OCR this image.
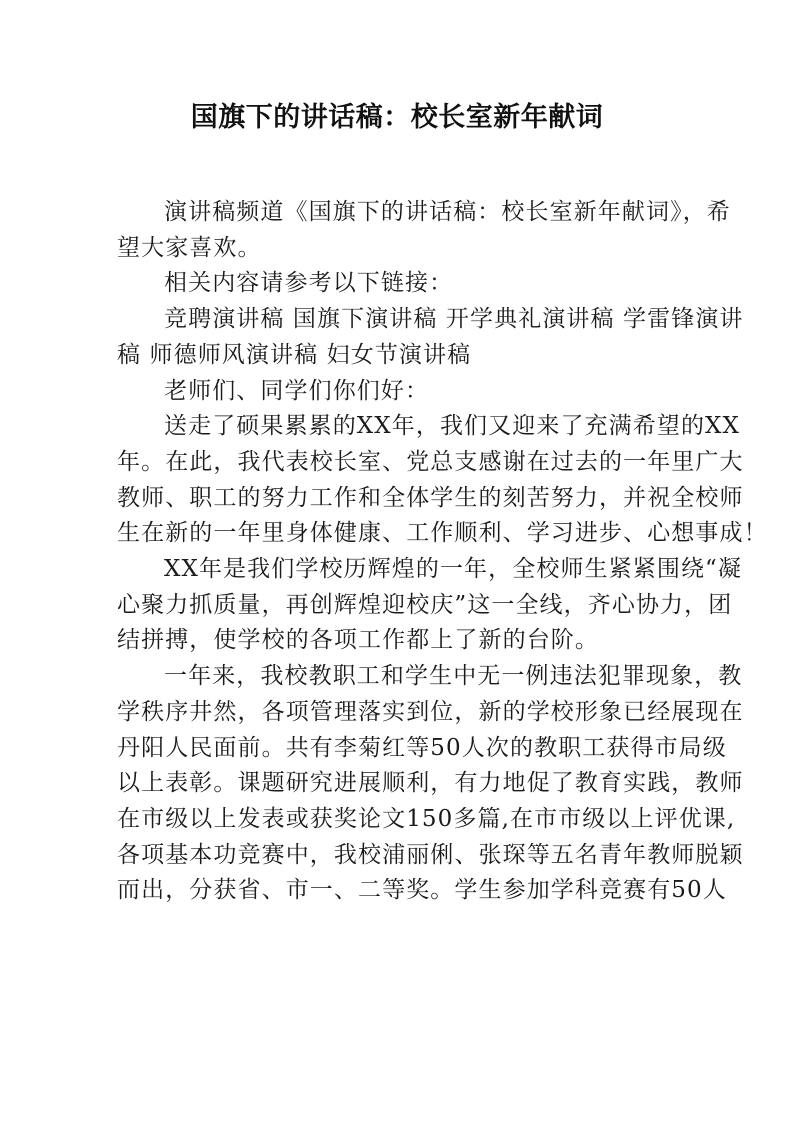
国旗下的讲话稿：校长室新年献词

演讲稿频道《国旗下的讲话稿：校长室新年献词》，希
望大家喜欢。

相关内容请参考以下链接：

竞聘演讲稿 国旗下演讲稿 开学典礼演讲稿 学雷锋演讲
稿 师德师风演讲稿 妇女节演讲稿

老师们、同学们你们好：

送走了硕果累累的XX年，我们又迎来了充满希望的XX
年。在此，我代表校长室、党总支感谢在过去的一年里广大
教师、职工的努力工作和全体学生的刻苦努力，并祝全校师
生在新的一年里身体健康、工作顺利、学习进步、心想事成！

XX年是我们学校历辉煌的一年，全校师生紧紧围绕“凝
心聚力抓质量，再创辉煌迎校庆”这一全线，齐心协力，团
结拼搏，使学校的各项工作都上了新的台阶。

一年来，我校教职工和学生中无一例违法犯罪现象，教
学秩序井然，各项管理落实到位，新的学校形象已经展现在
丹阳人民面前。共有李菊红等50人次的教职工获得市局级
以上表彰。课题研究进展顺利，有力地促了教育实践，教师
在市级以上发表或获奖论文150多篇,在市市级以上评优课,
各项基本功竞赛中，我校浦丽俐、张琛等五名青年教师脱颖
而出，分获省、市一、二等奖。学生参加学科竞赛有50人
